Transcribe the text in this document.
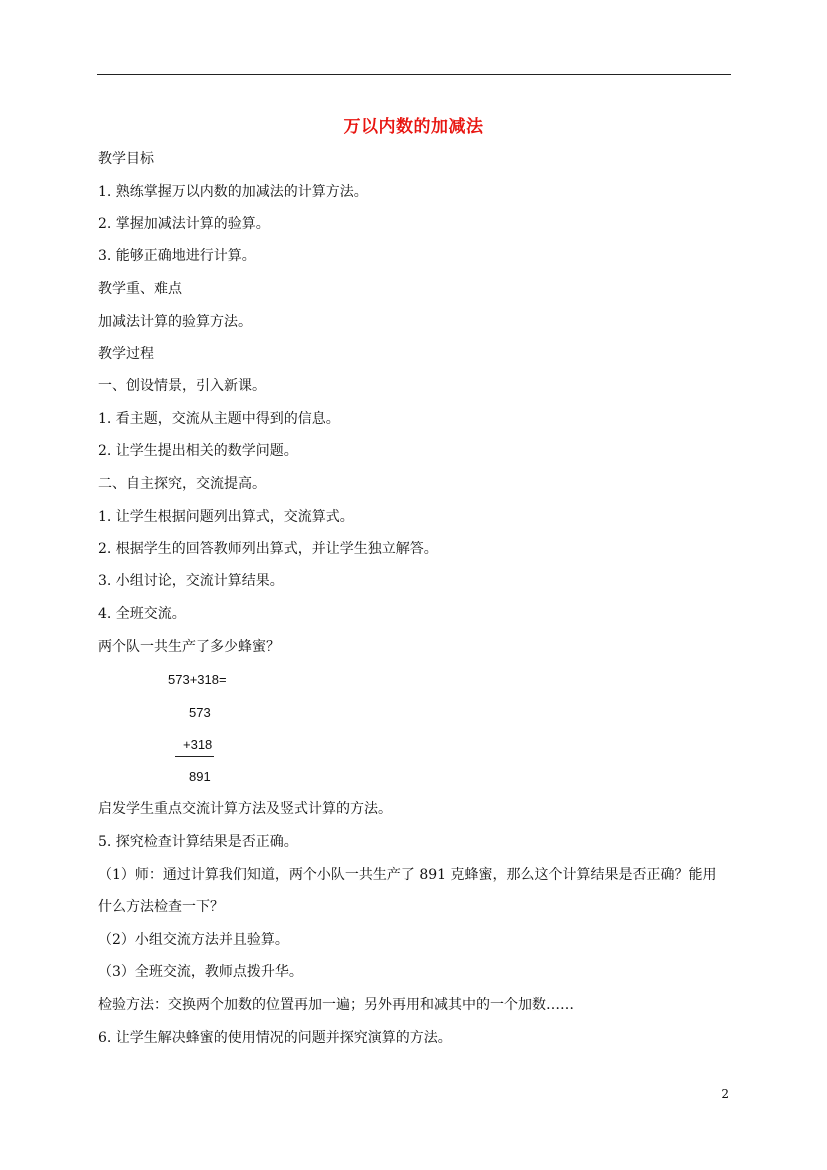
万以内数的加减法
教学目标
1. 熟练掌握万以内数的加减法的计算方法。
2. 掌握加减法计算的验算。
3. 能够正确地进行计算。
教学重、难点
加减法计算的验算方法。
教学过程
一、创设情景，引入新课。
1. 看主题，交流从主题中得到的信息。
2. 让学生提出相关的数学问题。
二、自主探究，交流提高。
1. 让学生根据问题列出算式，交流算式。
2. 根据学生的回答教师列出算式，并让学生独立解答。
3. 小组讨论，交流计算结果。
4. 全班交流。
两个队一共生产了多少蜂蜜？
573+318=
573
+318
891
启发学生重点交流计算方法及竖式计算的方法。
5. 探究检查计算结果是否正确。
（1）师：通过计算我们知道，两个小队一共生产了 891 克蜂蜜，那么这个计算结果是否正确？能用
什么方法检查一下？
（2）小组交流方法并且验算。
（3）全班交流，教师点拨升华。
检验方法：交换两个加数的位置再加一遍；另外再用和减其中的一个加数……
6. 让学生解决蜂蜜的使用情况的问题并探究演算的方法。
2
